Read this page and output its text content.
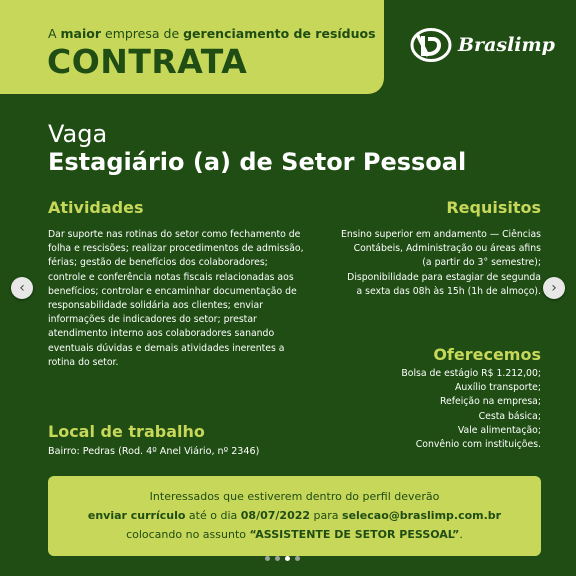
A maior empresa de gerenciamento de resíduos
CONTRATA	Braslimp
Vaga
Estagiário (a) de Setor Pessoal
Atividades
Dar suporte nas rotinas do setor como fechamento de
folha e rescisões; realizar procedimentos de admissão,
férias; gestão de benefícios dos colaboradores;
controle e conferência notas fiscais relacionadas aos
benefícios; controlar e encaminhar documentação de
responsabilidade solidária aos clientes; enviar
informações de indicadores do setor; prestar
atendimento interno aos colaboradores sanando
eventuais dúvidas e demais atividades inerentes a
rotina do setor.
Requisitos
Ensino superior em andamento — Ciências
Contábeis, Administração ou áreas afins
(a partir do 3° semestre);
Disponibilidade para estagiar de segunda
a sexta das 08h às 15h (1h de almoço).
Oferecemos
Bolsa de estágio R$ 1.212,00;
Auxílio transporte;
Refeição na empresa;
Cesta básica;
Vale alimentação;
Convênio com instituições.
Local de trabalho
Bairro: Pedras (Rod. 4º Anel Viário, nº 2346)
‹	›
Interessados que estiverem dentro do perfil deverão
enviar currículo até o dia 08/07/2022 para selecao@braslimp.com.br
colocando no assunto “ASSISTENTE DE SETOR PESSOAL”.
